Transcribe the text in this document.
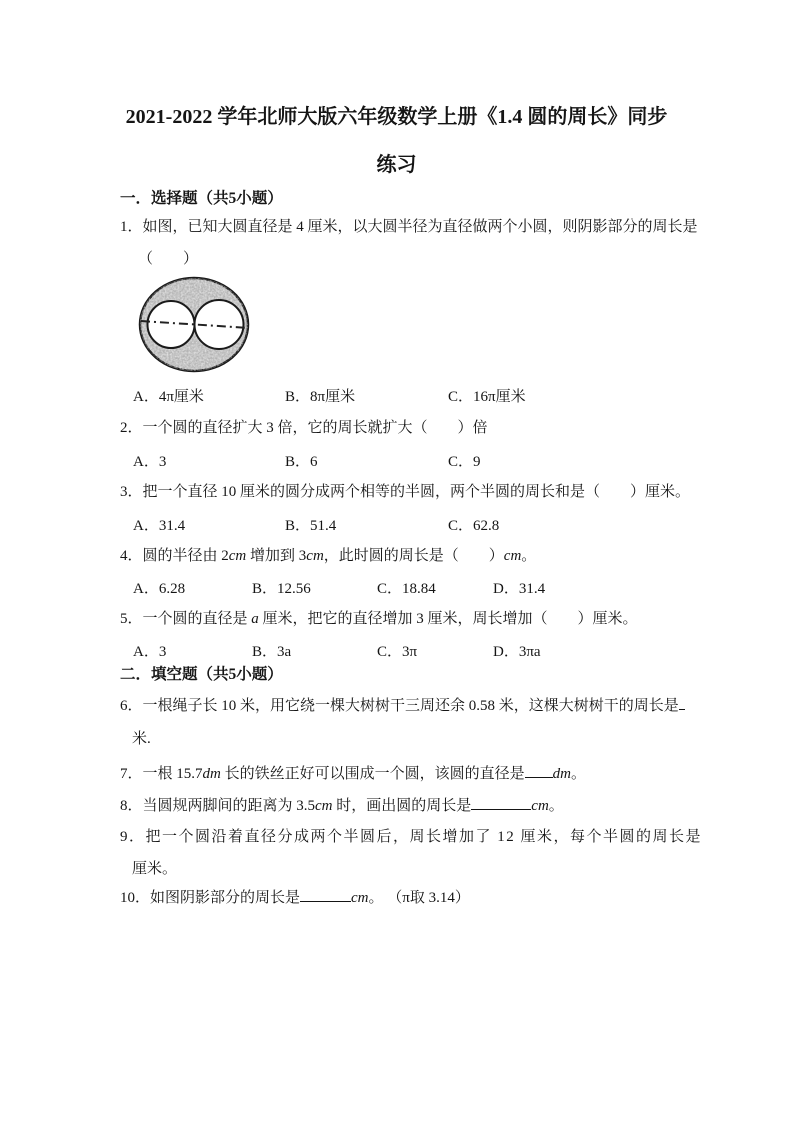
2021-2022 学年北师大版六年级数学上册《1.4 圆的周长》同步
练习
一．选择题（共5小题）
1．如图，已知大圆直径是 4 厘米，以大圆半径为直径做两个小圆，则阴影部分的周长是
（　　）
A．4π厘米	B．8π厘米	C．16π厘米
2．一个圆的直径扩大 3 倍，它的周长就扩大（　　）倍
A．3	B．6	C．9
3．把一个直径 10 厘米的圆分成两个相等的半圆，两个半圆的周长和是（　　）厘米。
A．31.4	B．51.4	C．62.8
4．圆的半径由 2cm 增加到 3cm，此时圆的周长是（　　）cm。
A．6.28	B．12.56	C．18.84	D．31.4
5．一个圆的直径是 a 厘米，把它的直径增加 3 厘米，周长增加（　　）厘米。
A．3	B．3a	C．3π	D．3πa
二．填空题（共5小题）
6．一根绳子长 10 米，用它绕一棵大树树干三周还余 0.58 米，这棵大树树干的周长是
米.
7．一根 15.7dm 长的铁丝正好可以围成一个圆，该圆的直径是 dm。
8．当圆规两脚间的距离为 3.5cm 时，画出圆的周长是	cm。
9．把一个圆沿着直径分成两个半圆后，周长增加了 12 厘米，每个半圆的周长是
厘米。
10．如图阴影部分的周长是	cm。 （π取 3.14）
